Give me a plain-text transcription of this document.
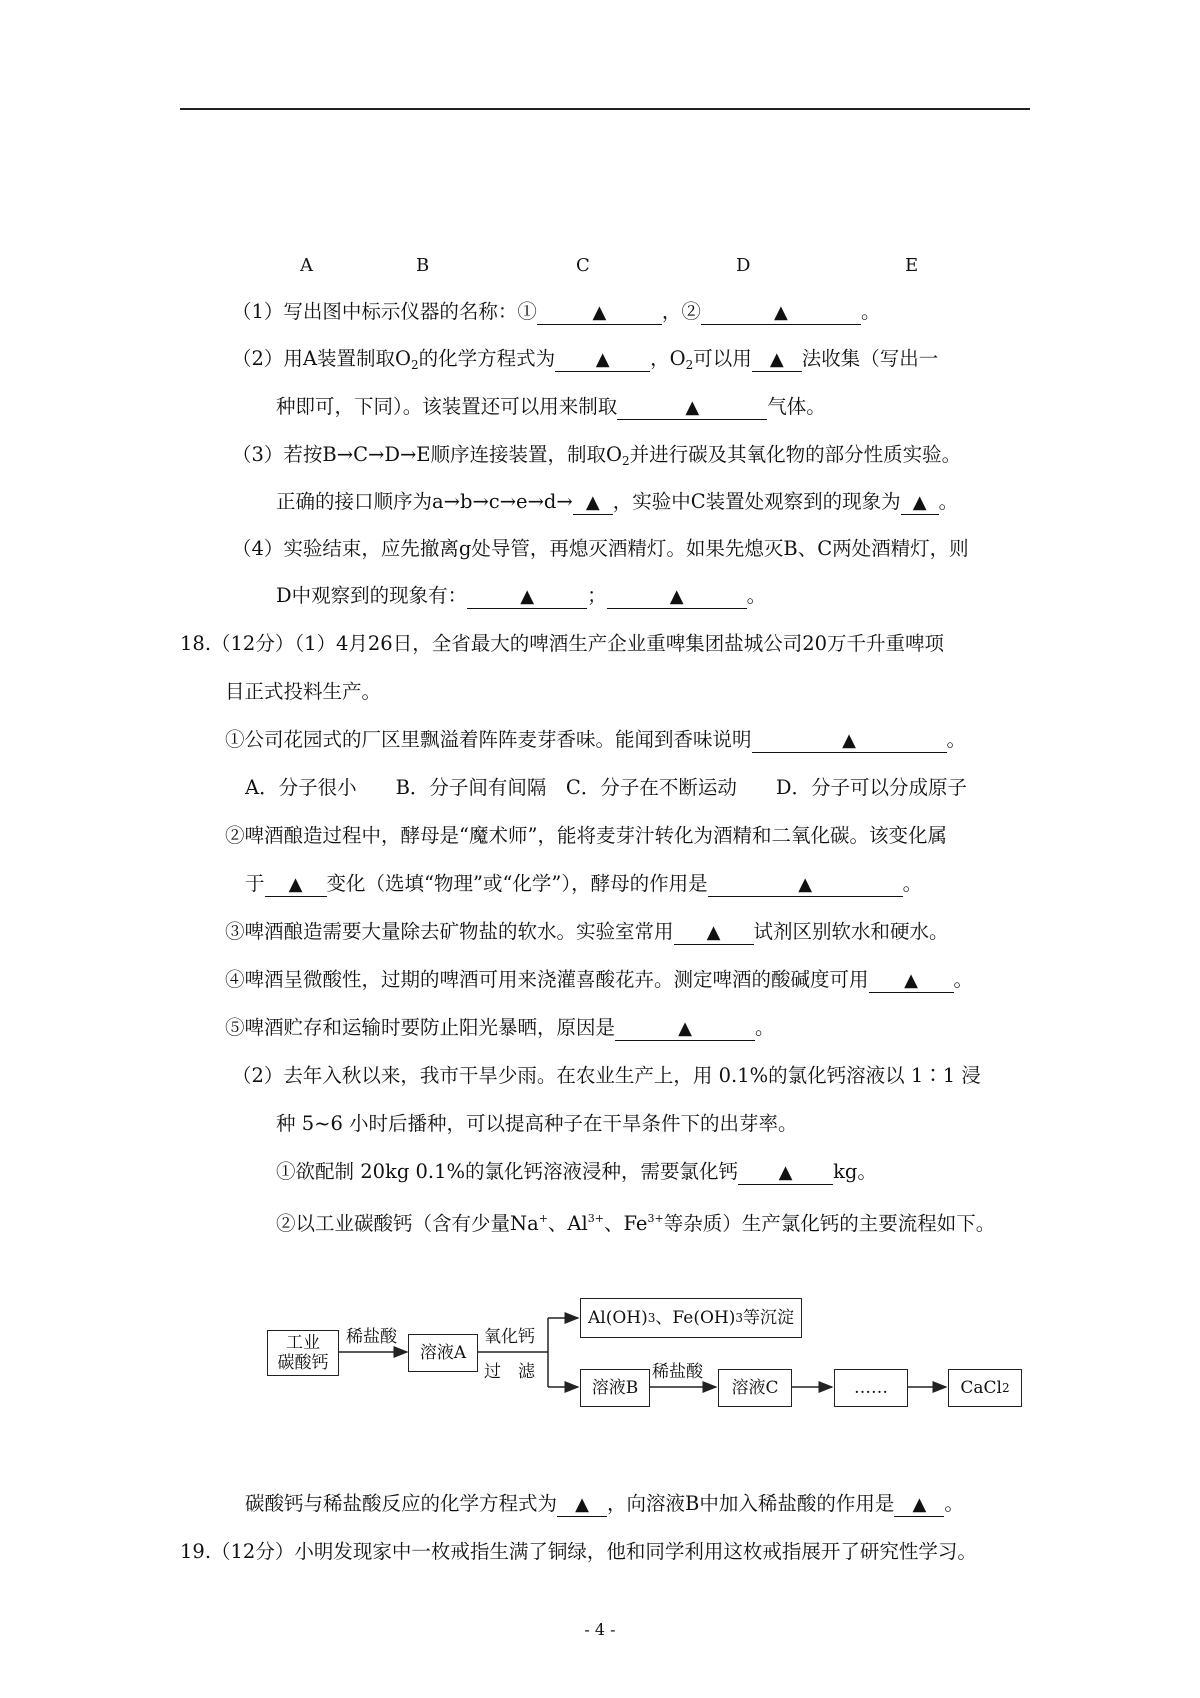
A	B	C	D	E
（1）写出图中标示仪器的名称：①	▲	，②	▲	。
（2）用A装置制取$O_2$的化学方程式为 ▲ ，$O_2$可以用 ▲ 法收集（写出一
种即可，下同）。该装置还可以用来制取	▲	气体。
（3）若按B→C→D→E顺序连接装置，制取$O_2$并进行碳及其氧化物的部分性质实验。
正确的接口顺序为a→b→c→e→d→ ▲ ，实验中C装置处观察到的现象为 ▲ 。
（4）实验结束，应先撤离g处导管，再熄灭酒精灯。如果先熄灭B、C两处酒精灯，则
D中观察到的现象有：	▲	；	▲	。
18.（12分）（1）4月26日，全省最大的啤酒生产企业重啤集团盐城公司20万千升重啤项
目正式投料生产。
①公司花园式的厂区里飘溢着阵阵麦芽香味。能闻到香味说明	▲	。
A．分子很小　　B．分子间有间隔　C．分子在不断运动　　D．分子可以分成原子
②啤酒酿造过程中，酵母是“魔术师”，能将麦芽汁转化为酒精和二氧化碳。该变化属
于 ▲ 变化（选填“物理”或“化学”），酵母的作用是	▲	。
③啤酒酿造需要大量除去矿物盐的软水。实验室常用 ▲ 试剂区别软水和硬水。
④啤酒呈微酸性，过期的啤酒可用来浇灌喜酸花卉。测定啤酒的酸碱度可用 ▲ 。
⑤啤酒贮存和运输时要防止阳光暴晒，原因是	▲	。
（2）去年入秋以来，我市干旱少雨。在农业生产上，用 0.1%的氯化钙溶液以 1∶1 浸
种 5~6 小时后播种，可以提高种子在干旱条件下的出芽率。
①欲配制 20kg 0.1%的氯化钙溶液浸种，需要氯化钙 ▲ kg。
②以工业碳酸钙（含有少量Na+、$Al^{3+}$、$Fe^{3+}$等杂质）生产氯化钙的主要流程如下。
工业
碳酸钙
稀盐酸
溶液A
氧化钙
过　滤
Al(OH) 3 、Fe(OH) 3 等沉淀
溶液B
稀盐酸
溶液C	……	CaCl 2
碳酸钙与稀盐酸反应的化学方程式为 ▲ ，向溶液B中加入稀盐酸的作用是 ▲ 。
19.（12分）小明发现家中一枚戒指生满了铜绿，他和同学利用这枚戒指展开了研究性学习。
- 4 -
